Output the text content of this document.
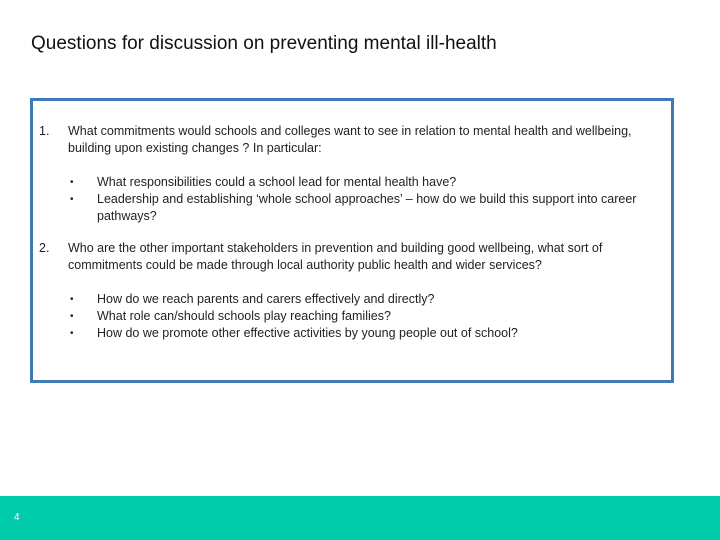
Questions for discussion on preventing mental ill-health
1. What commitments would schools and colleges want to see in relation to mental health and wellbeing, building upon existing changes ? In particular:
• What responsibilities could a school lead for mental health have?
• Leadership and establishing ‘whole school approaches’ – how do we build this support into career pathways?
2. Who are the other important stakeholders in prevention and building good wellbeing, what sort of commitments could be made through local authority public health and wider services?
• How do we reach parents and carers effectively and directly?
• What role can/should schools play reaching families?
• How do we promote other effective activities by young people out of school?
4
